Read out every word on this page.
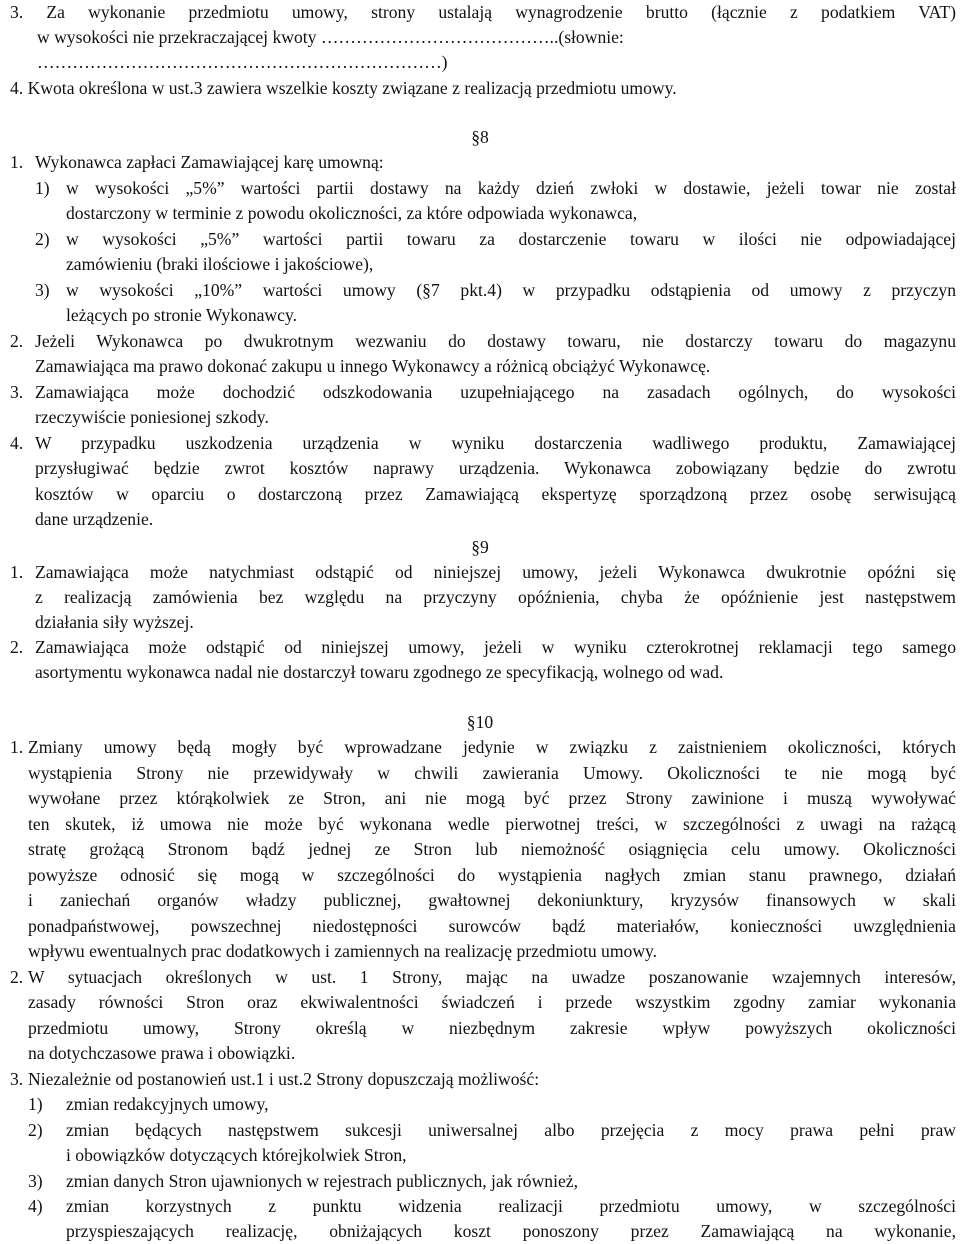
3. Za wykonanie przedmiotu umowy, strony ustalają wynagrodzenie brutto (łącznie z podatkiem VAT)
w wysokości nie przekraczającej kwoty …………………………………..(słownie:
……………………………………………………………)
4. Kwota określona w ust.3 zawiera wszelkie koszty związane z realizacją przedmiotu umowy.
§8
1. Wykonawca zapłaci Zamawiającej karę umowną:
1) w wysokości „5%” wartości partii dostawy na każdy dzień zwłoki w dostawie, jeżeli towar nie został
dostarczony w terminie z powodu okoliczności, za które odpowiada wykonawca,
2) w wysokości „5%” wartości partii towaru za dostarczenie towaru w ilości nie odpowiadającej
zamówieniu (braki ilościowe i jakościowe),
3) w wysokości „10%” wartości umowy (§7 pkt.4) w przypadku odstąpienia od umowy z przyczyn
leżących po stronie Wykonawcy.
2. Jeżeli Wykonawca po dwukrotnym wezwaniu do dostawy towaru, nie dostarczy towaru do magazynu
Zamawiająca ma prawo dokonać zakupu u innego Wykonawcy a różnicą obciążyć Wykonawcę.
3. Zamawiająca może dochodzić odszkodowania uzupełniającego na zasadach ogólnych, do wysokości
rzeczywiście poniesionej szkody.
4. W przypadku uszkodzenia urządzenia w wyniku dostarczenia wadliwego produktu, Zamawiającej
przysługiwać będzie zwrot kosztów naprawy urządzenia. Wykonawca zobowiązany będzie do zwrotu
kosztów w oparciu o dostarczoną przez Zamawiającą ekspertyzę sporządzoną przez osobę serwisującą
dane urządzenie.
§9
1. Zamawiająca może natychmiast odstąpić od niniejszej umowy, jeżeli Wykonawca dwukrotnie opóźni się
z realizacją zamówienia bez względu na przyczyny opóźnienia, chyba że opóźnienie jest następstwem
działania siły wyższej.
2. Zamawiająca może odstąpić od niniejszej umowy, jeżeli w wyniku czterokrotnej reklamacji tego samego
asortymentu wykonawca nadal nie dostarczył towaru zgodnego ze specyfikacją, wolnego od wad.
§10
1. Zmiany umowy będą mogły być wprowadzane jedynie w związku z zaistnieniem okoliczności, których
wystąpienia Strony nie przewidywały w chwili zawierania Umowy. Okoliczności te nie mogą być
wywołane przez którąkolwiek ze Stron, ani nie mogą być przez Strony zawinione i muszą wywoływać
ten skutek, iż umowa nie może być wykonana wedle pierwotnej treści, w szczególności z uwagi na rażącą
stratę grożącą Stronom bądź jednej ze Stron lub niemożność osiągnięcia celu umowy. Okoliczności
powyższe odnosić się mogą w szczególności do wystąpienia nagłych zmian stanu prawnego, działań
i zaniechań organów władzy publicznej, gwałtownej dekoniunktury, kryzysów finansowych w skali
ponadpaństwowej, powszechnej niedostępności surowców bądź materiałów, konieczności uwzględnienia
wpływu ewentualnych prac dodatkowych i zamiennych na realizację przedmiotu umowy.
2. W sytuacjach określonych w ust. 1 Strony, mając na uwadze poszanowanie wzajemnych interesów,
zasady równości Stron oraz ekwiwalentności świadczeń i przede wszystkim zgodny zamiar wykonania
przedmiotu umowy, Strony określą w niezbędnym zakresie wpływ powyższych okoliczności
na dotychczasowe prawa i obowiązki.
3. Niezależnie od postanowień ust.1 i ust.2 Strony dopuszczają możliwość:
1) zmian redakcyjnych umowy,
2) zmian będących następstwem sukcesji uniwersalnej albo przejęcia z mocy prawa pełni praw
i obowiązków dotyczących którejkolwiek Stron,
3) zmian danych Stron ujawnionych w rejestrach publicznych, jak również,
4) zmian korzystnych z punktu widzenia realizacji przedmiotu umowy, w szczególności
przyspieszających realizację, obniżających koszt ponoszony przez Zamawiającą na wykonanie,
